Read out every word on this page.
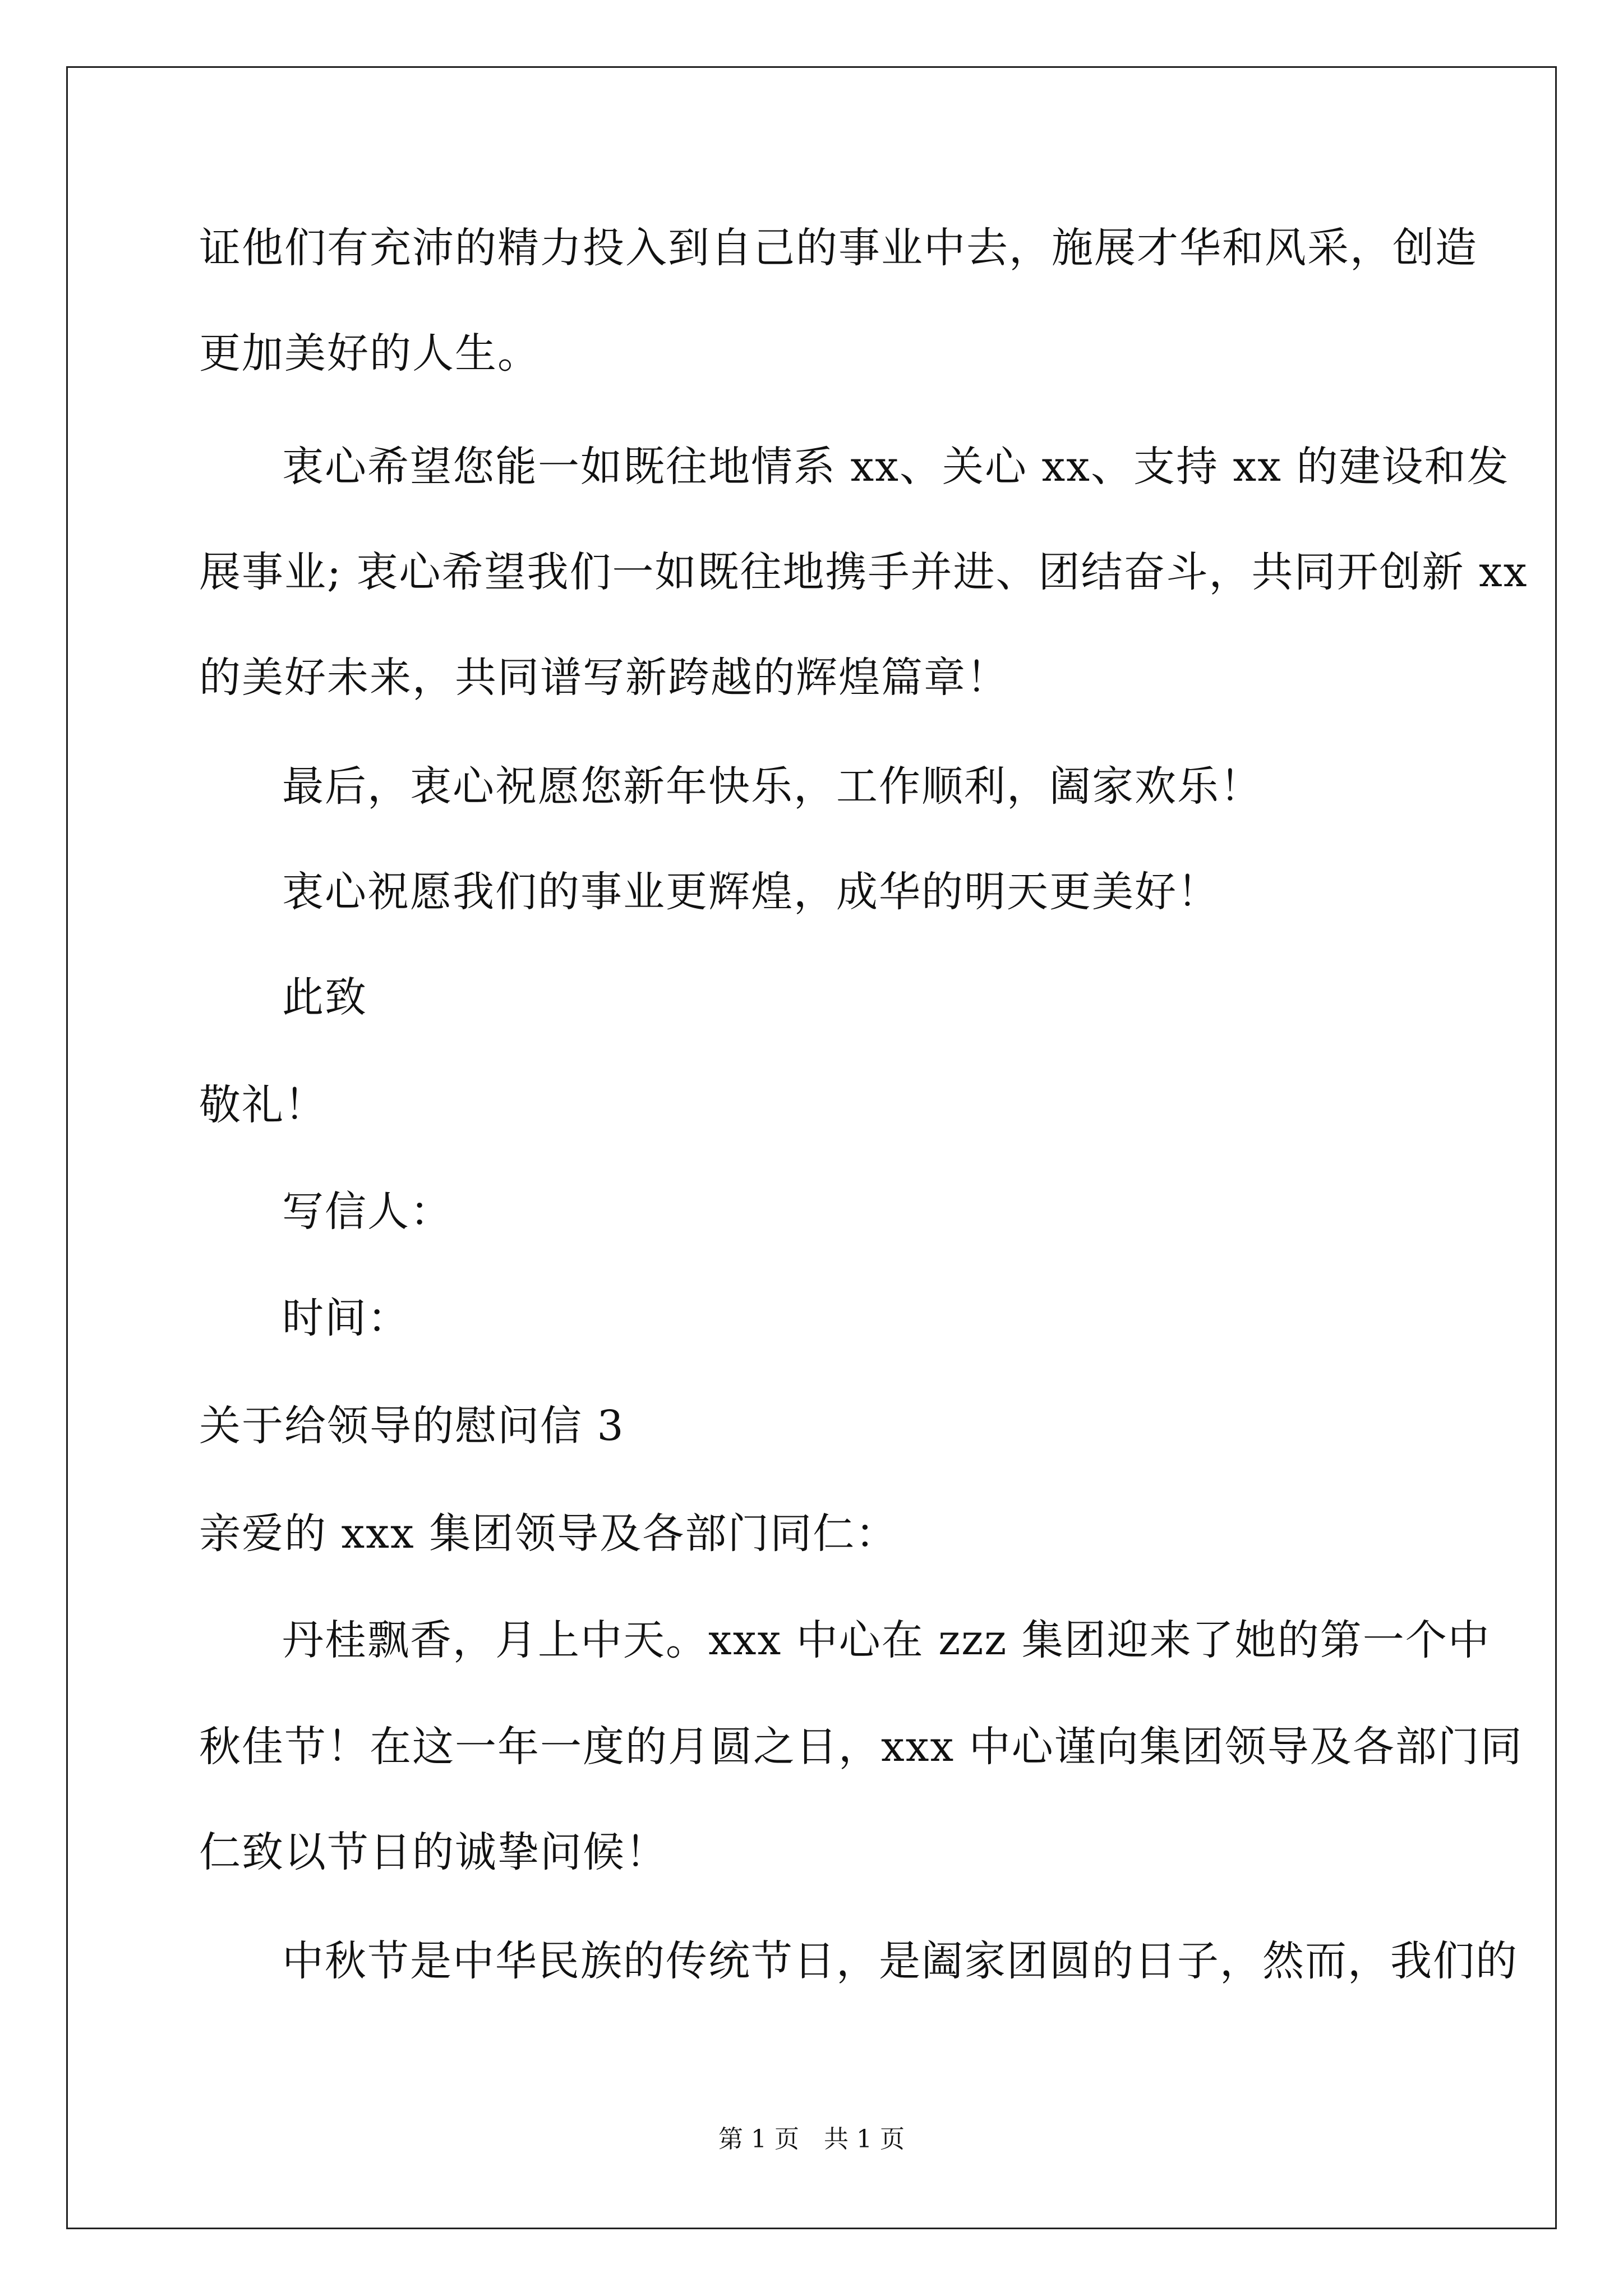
证他们有充沛的精力投入到自己的事业中去，施展才华和风采，创造
更加美好的人生。
衷心希望您能一如既往地情系 xx、关心 xx、支持 xx 的建设和发
展事业; 衷心希望我们一如既往地携手并进、团结奋斗，共同开创新 xx
的美好未来，共同谱写新跨越的辉煌篇章！
最后，衷心祝愿您新年快乐，工作顺利，阖家欢乐！
衷心祝愿我们的事业更辉煌，成华的明天更美好！
此致
敬礼！
写信人：
时间：
关于给领导的慰问信 3
亲爱的 xxx 集团领导及各部门同仁：
丹桂飘香，月上中天。xxx 中心在 zzz 集团迎来了她的第一个中
秋佳节！在这一年一度的月圆之日，xxx 中心谨向集团领导及各部门同
仁致以节日的诚挚问候！
中秋节是中华民族的传统节日，是阖家团圆的日子，然而，我们的
第 1 页　共 1 页
